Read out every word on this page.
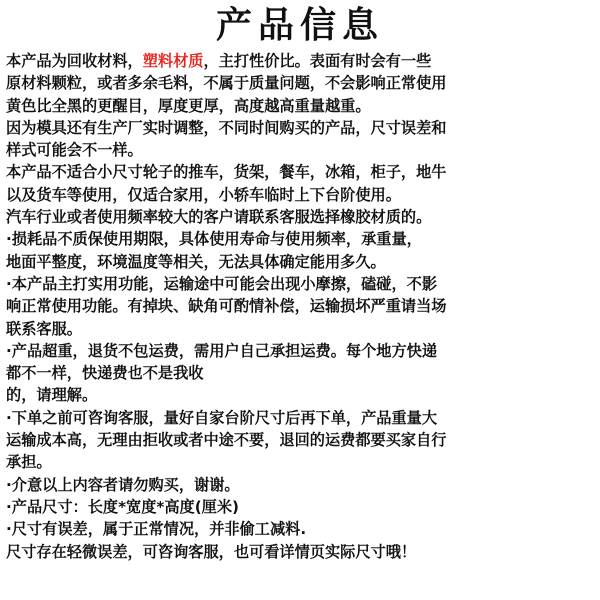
产品信息
本产品为回收材料，塑料材质，主打性价比。表面有时会有一些
原材料颗粒，或者多余毛料，不属于质量问题，不会影响正常使用
黄色比全黑的更醒目，厚度更厚，高度越高重量越重。
因为模具还有生产厂实时调整，不同时间购买的产品，尺寸误差和
样式可能会不一样。
本产品不适合小尺寸轮子的推车，货架，餐车，冰箱，柜子，地牛
以及货车等使用，仅适合家用，小轿车临时上下台阶使用。
汽车行业或者使用频率较大的客户请联系客服选择橡胶材质的。
·损耗品不质保使用期限，具体使用寿命与使用频率，承重量，
地面平整度，环境温度等相关，无法具体确定能用多久。
·本产品主打实用功能，运输途中可能会出现小摩擦，磕碰，不影
响正常使用功能。有掉块、缺角可酌情补偿，运输损坏严重请当场
联系客服。
·产品超重，退货不包运费，需用户自己承担运费。每个地方快递
都不一样，快递费也不是我收
的，请理解。
·下单之前可咨询客服，量好自家台阶尺寸后再下单，产品重量大
运输成本高，无理由拒收或者中途不要，退回的运费都要买家自行
承担。
·介意以上内容者请勿购买，谢谢。
·产品尺寸：长度*宽度*高度(厘米)
·尺寸有误差，属于正常情况，并非偷工减料.
尺寸存在轻微误差，可咨询客服，也可看详情页实际尺寸哦！
